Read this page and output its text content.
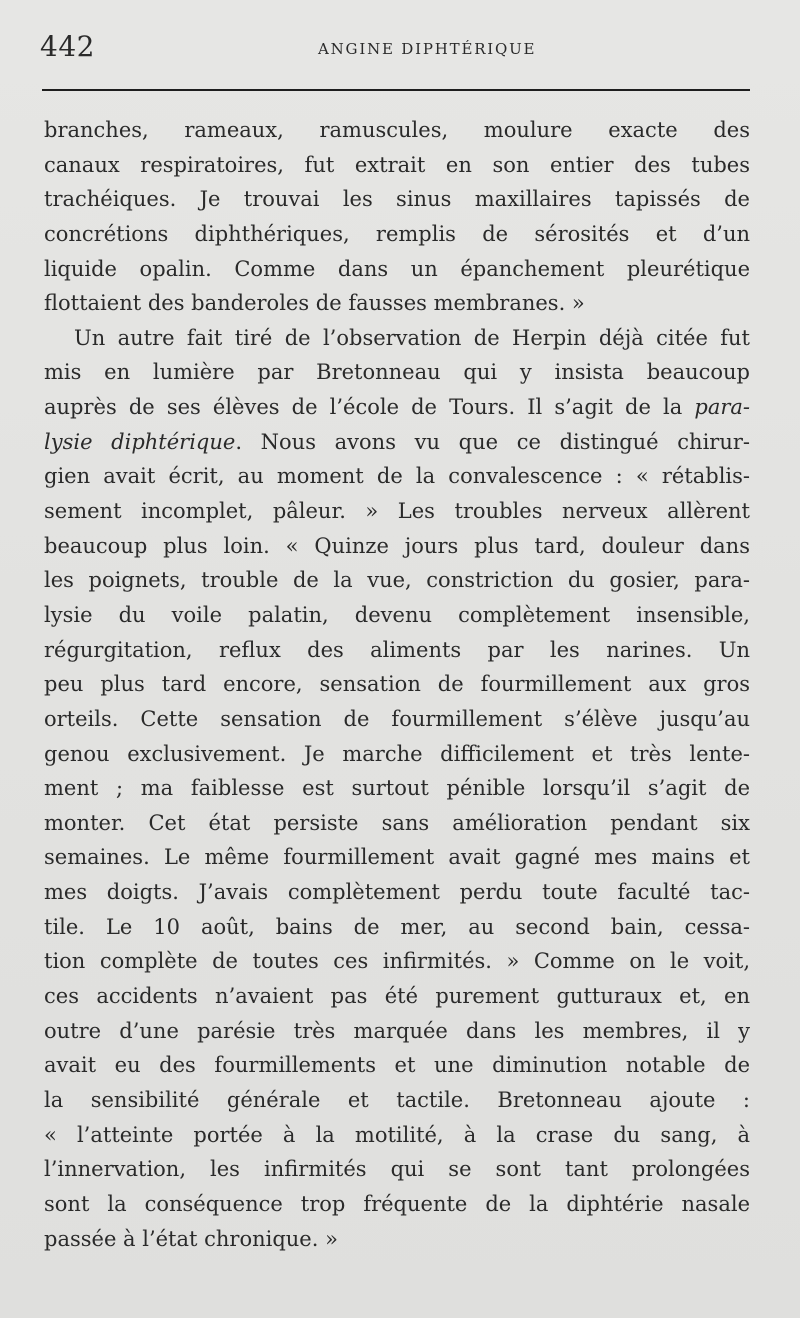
442	ANGINE DIPHTÉRIQUE
branches, rameaux, ramuscules, moulure exacte des
canaux respiratoires, fut extrait en son entier des tubes
trachéiques. Je trouvai les sinus maxillaires tapissés de
concrétions diphthériques, remplis de sérosités et d’un
liquide opalin. Comme dans un épanchement pleurétique
flottaient des banderoles de fausses membranes. »
Un autre fait tiré de l’observation de Herpin déjà citée fut
mis en lumière par Bretonneau qui y insista beaucoup
auprès de ses élèves de l’école de Tours. Il s’agit de la para-
lysie diphtérique. Nous avons vu que ce distingué chirur-
gien avait écrit, au moment de la convalescence : « rétablis-
sement incomplet, pâleur. » Les troubles nerveux allèrent
beaucoup plus loin. « Quinze jours plus tard, douleur dans
les poignets, trouble de la vue, constriction du gosier, para-
lysie du voile palatin, devenu complètement insensible,
régurgitation, reflux des aliments par les narines. Un
peu plus tard encore, sensation de fourmillement aux gros
orteils. Cette sensation de fourmillement s’élève jusqu’au
genou exclusivement. Je marche difficilement et très lente-
ment ; ma faiblesse est surtout pénible lorsqu’il s’agit de
monter. Cet état persiste sans amélioration pendant six
semaines. Le même fourmillement avait gagné mes mains et
mes doigts. J’avais complètement perdu toute faculté tac-
tile. Le 10 août, bains de mer, au second bain, cessa-
tion complète de toutes ces infirmités. » Comme on le voit,
ces accidents n’avaient pas été purement gutturaux et, en
outre d’une parésie très marquée dans les membres, il y
avait eu des fourmillements et une diminution notable de
la sensibilité générale et tactile. Bretonneau ajoute :
« l’atteinte portée à la motilité, à la crase du sang, à
l’innervation, les infirmités qui se sont tant prolongées
sont la conséquence trop fréquente de la diphtérie nasale
passée à l’état chronique. »
